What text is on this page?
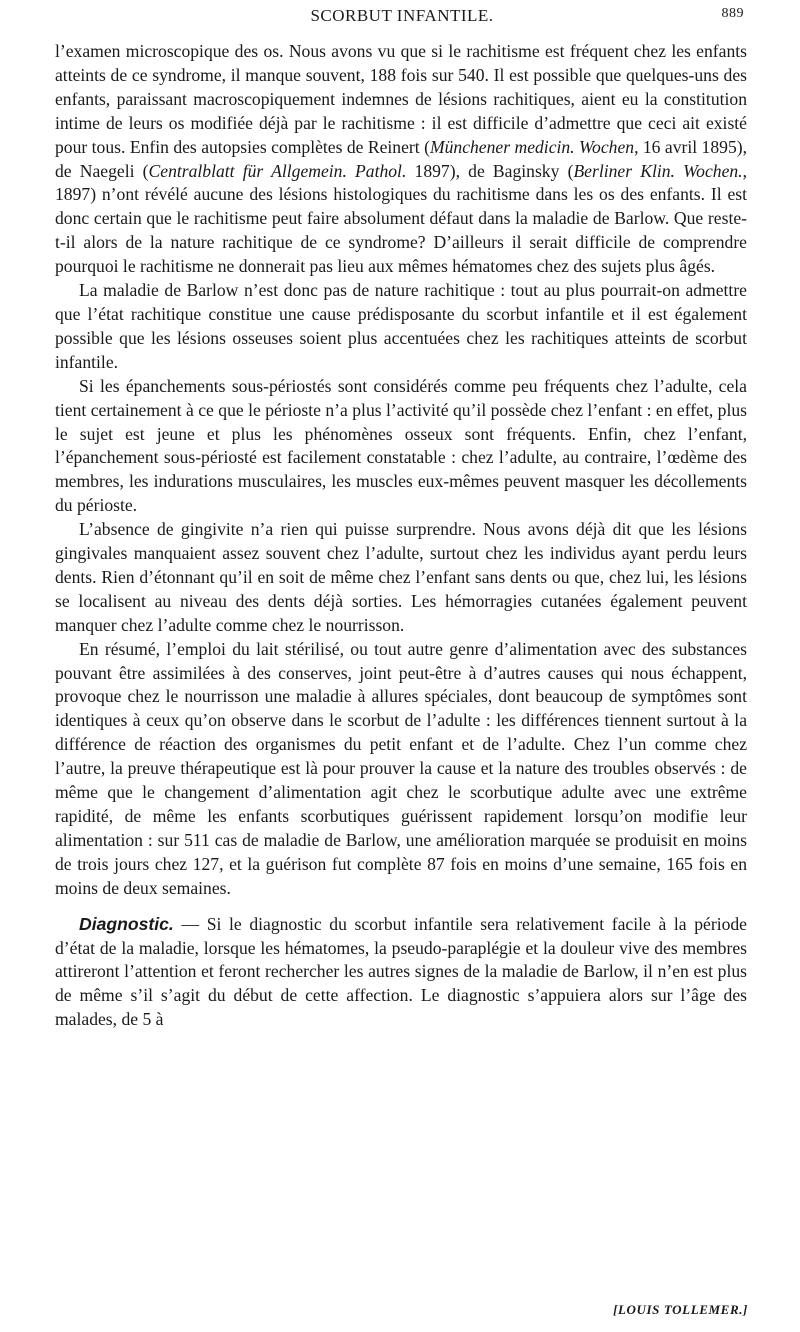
SCORBUT INFANTILE.	889

l’examen microscopique des os. Nous avons vu que si le rachitisme est fréquent chez les enfants atteints de ce syndrome, il manque souvent, 188 fois sur 540. Il est possible que quelques-uns des enfants, paraissant macroscopiquement indemnes de lésions rachitiques, aient eu la constitution intime de leurs os modifiée déjà par le rachitisme : il est difficile d’admettre que ceci ait existé pour tous. Enfin des autopsies complètes de Reinert (Münchener medicin. Wochen, 16 avril 1895), de Naegeli (Centralblatt für Allgemein. Pathol. 1897), de Baginsky (Berliner Klin. Wochen., 1897) n’ont révélé aucune des lésions histologiques du rachitisme dans les os des enfants. Il est donc certain que le rachitisme peut faire absolument défaut dans la maladie de Barlow. Que reste-t-il alors de la nature rachitique de ce syndrome? D’ailleurs il serait difficile de comprendre pourquoi le rachitisme ne donnerait pas lieu aux mêmes hématomes chez des sujets plus âgés.

La maladie de Barlow n’est donc pas de nature rachitique : tout au plus pourrait-on admettre que l’état rachitique constitue une cause prédisposante du scorbut infantile et il est également possible que les lésions osseuses soient plus accentuées chez les rachitiques atteints de scorbut infantile.

Si les épanchements sous-périostés sont considérés comme peu fréquents chez l’adulte, cela tient certainement à ce que le périoste n’a plus l’activité qu’il possède chez l’enfant : en effet, plus le sujet est jeune et plus les phénomènes osseux sont fréquents. Enfin, chez l’enfant, l’épanchement sous-périosté est facilement constatable : chez l’adulte, au contraire, l’œdème des membres, les indurations musculaires, les muscles eux-mêmes peuvent masquer les décollements du périoste.

L’absence de gingivite n’a rien qui puisse surprendre. Nous avons déjà dit que les lésions gingivales manquaient assez souvent chez l’adulte, surtout chez les individus ayant perdu leurs dents. Rien d’étonnant qu’il en soit de même chez l’enfant sans dents ou que, chez lui, les lésions se localisent au niveau des dents déjà sorties. Les hémorragies cutanées également peuvent manquer chez l’adulte comme chez le nourrisson.

En résumé, l’emploi du lait stérilisé, ou tout autre genre d’alimentation avec des substances pouvant être assimilées à des conserves, joint peut-être à d’autres causes qui nous échappent, provoque chez le nourrisson une maladie à allures spéciales, dont beaucoup de symptômes sont identiques à ceux qu’on observe dans le scorbut de l’adulte : les différences tiennent surtout à la différence de réaction des organismes du petit enfant et de l’adulte. Chez l’un comme chez l’autre, la preuve thérapeutique est là pour prouver la cause et la nature des troubles observés : de même que le changement d’alimentation agit chez le scorbutique adulte avec une extrême rapidité, de même les enfants scorbutiques guérissent rapidement lorsqu’on modifie leur alimentation : sur 511 cas de maladie de Barlow, une amélioration marquée se produisit en moins de trois jours chez 127, et la guérison fut complète 87 fois en moins d’une semaine, 165 fois en moins de deux semaines.

Diagnostic. — Si le diagnostic du scorbut infantile sera relativement facile à la période d’état de la maladie, lorsque les hématomes, la pseudo-paraplégie et la douleur vive des membres attireront l’attention et feront rechercher les autres signes de la maladie de Barlow, il n’en est plus de même s’il s’agit du début de cette affection. Le diagnostic s’appuiera alors sur l’âge des malades, de 5 à

[LOUIS TOLLEMER.]
